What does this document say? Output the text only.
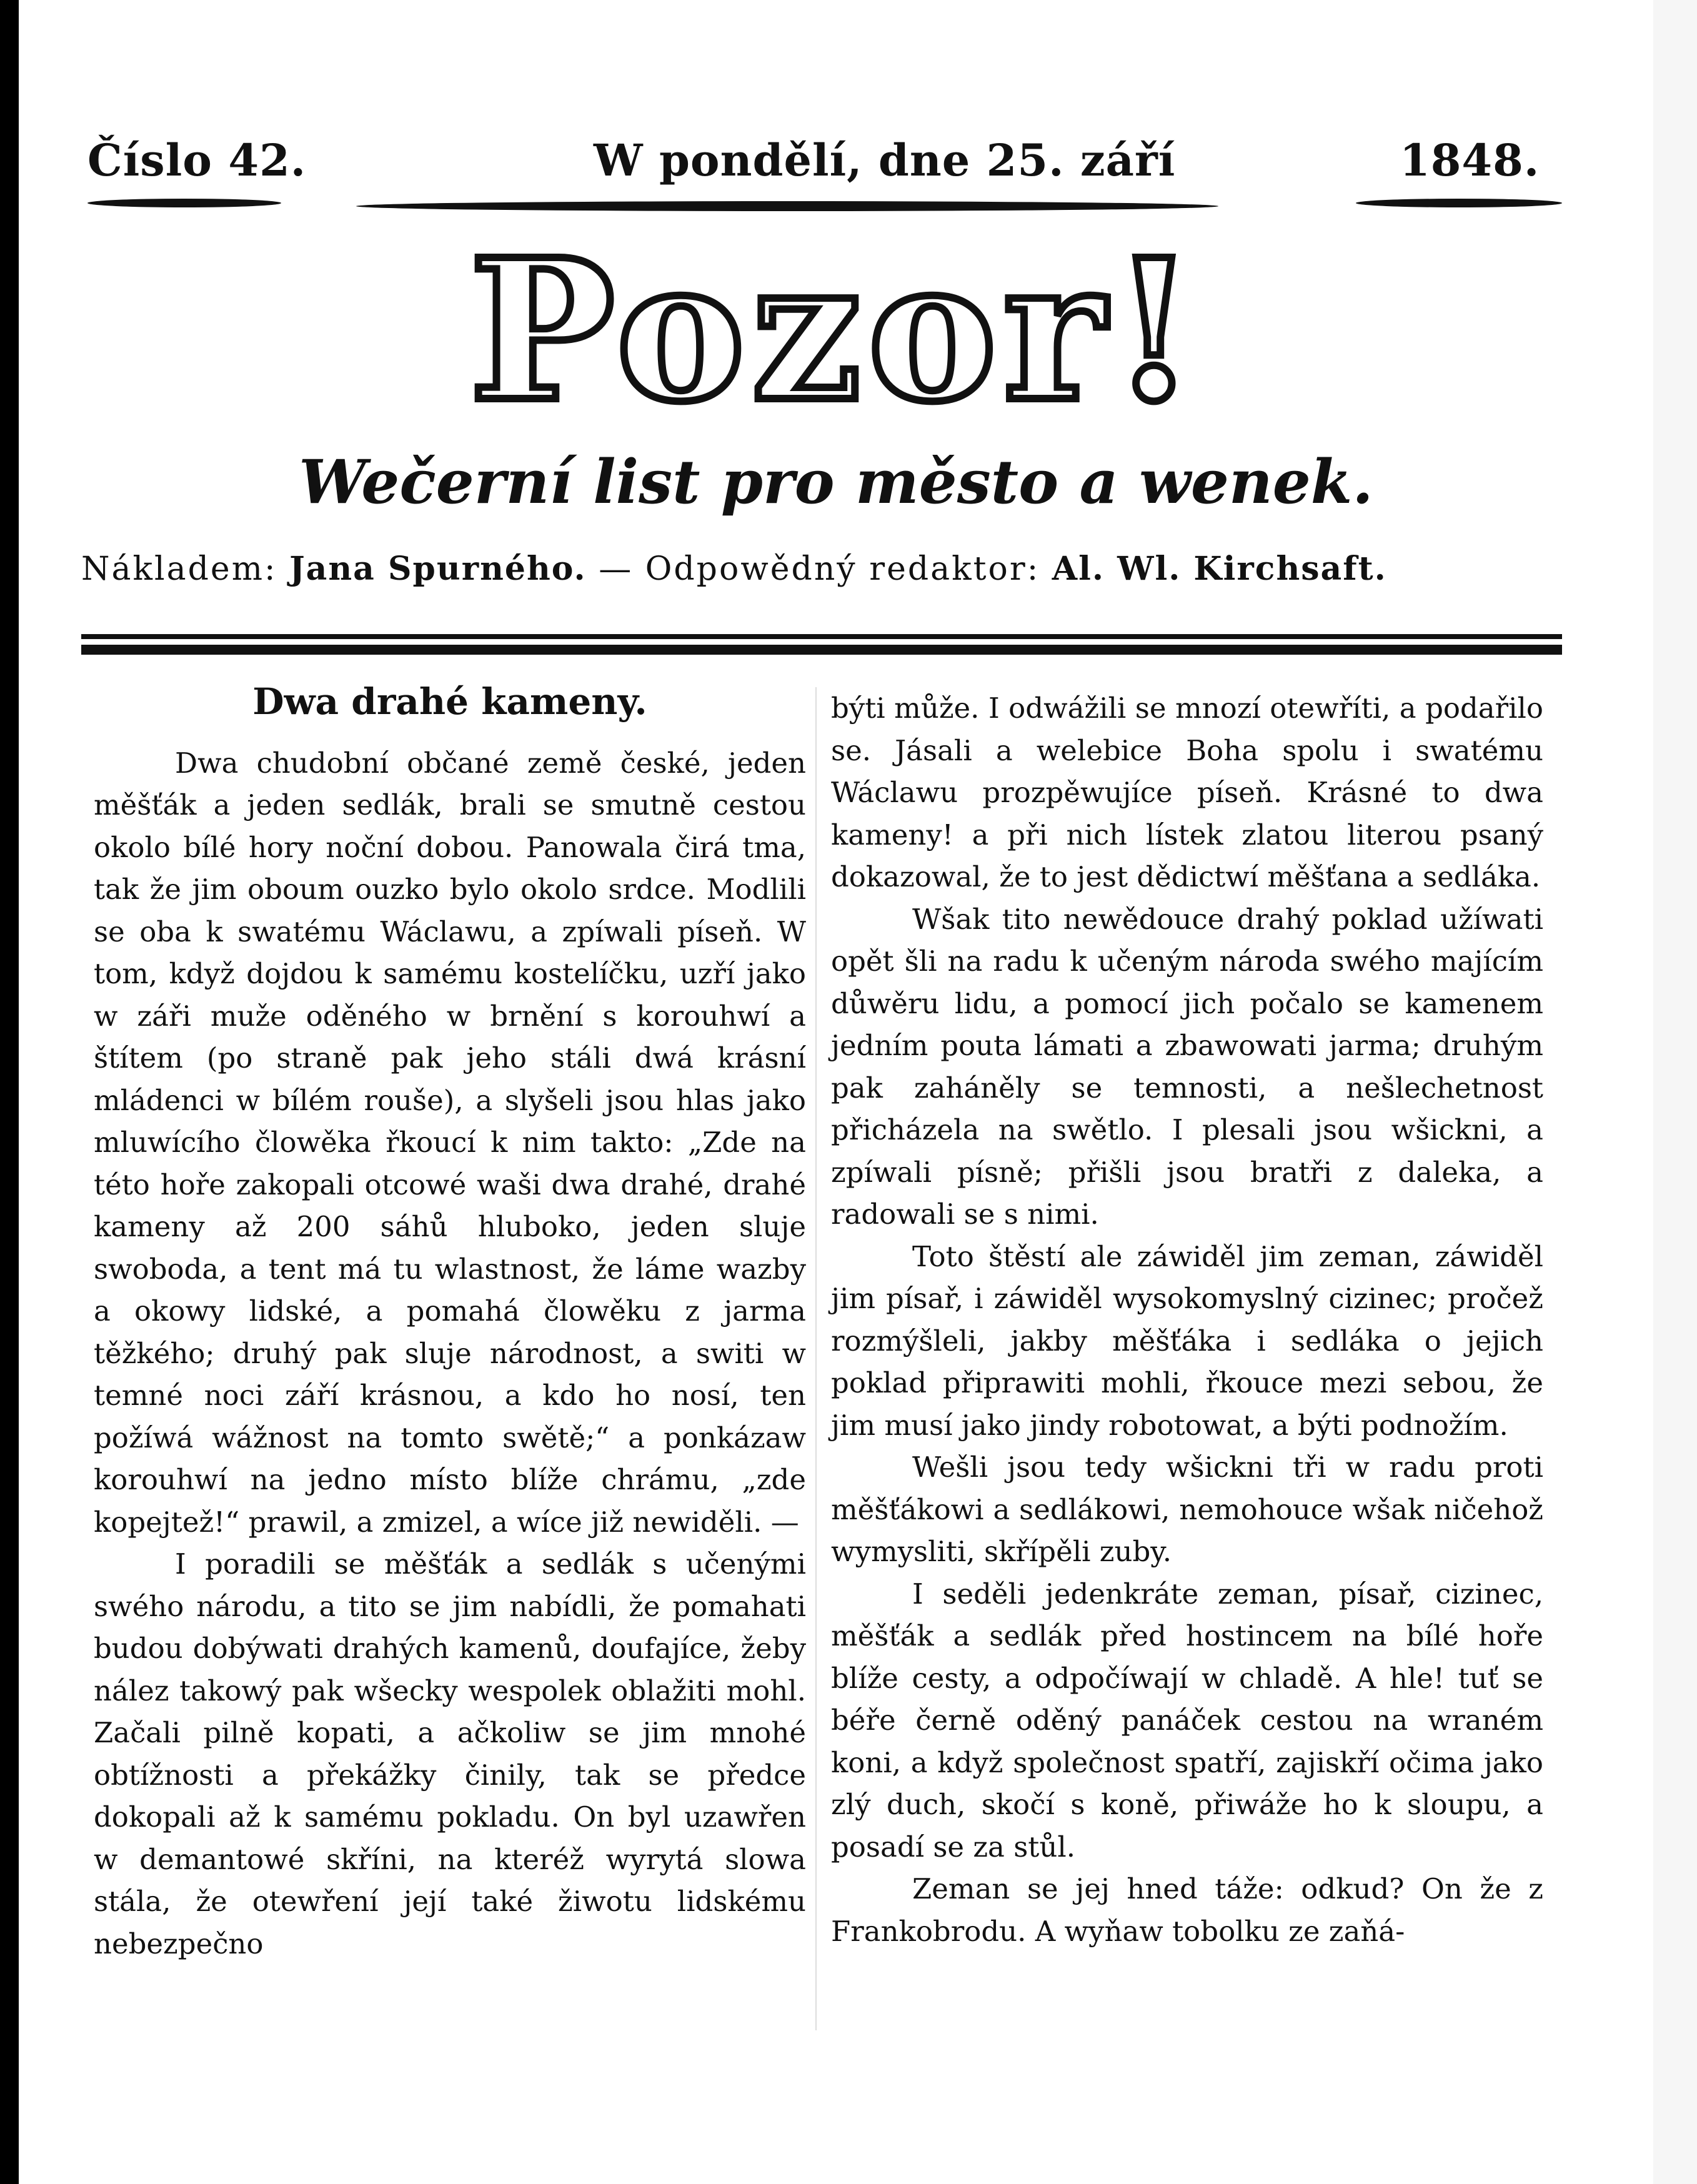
Číslo 42.	W pondělí, dne 25. září	1848.
Pozor!
Wečerní list pro město a wenek.
Nákladem: Jana Spurného. — Odpowědný redaktor: Al. Wl. Kirchsaft.

Dwa drahé kameny.

Dwa chudobní občané země české, jeden měšťák a jeden sedlák, brali se smutně cestou okolo bílé hory noční dobou. Panowala čirá tma, tak že jim oboum ouzko bylo okolo srdce. Modlili se oba k swatému Wáclawu, a zpíwali píseň. W tom, když dojdou k samému kostelíčku, uzří jako w záři muže oděného w brnění s korouhwí a štítem (po straně pak jeho stáli dwá krásní mládenci w bílém rouše), a slyšeli jsou hlas jako mluwícího člowěka řkoucí k nim takto: „Zde na této hoře zakopali otcowé waši dwa drahé, drahé kameny až 200 sáhů hluboko, jeden sluje swoboda, a tent má tu wlastnost, že láme wazby a okowy lidské, a pomahá člowěku z jarma těžkého; druhý pak sluje národnost, a switi w temné noci září krásnou, a kdo ho nosí, ten požíwá wážnost na tomto swětě;“ a ponkázaw korouhwí na jedno místo blíže chrámu, „zde kopejtež!“ prawil, a zmizel, a wíce již newiděli. —

I poradili se měšťák a sedlák s učenými swého národu, a tito se jim nabídli, že pomahati budou dobýwati drahých kamenů, doufajíce, žeby nález takowý pak wšecky wespolek oblažiti mohl. Začali pilně kopati, a ačkoliw se jim mnohé obtížnosti a překážky činily, tak se předce dokopali až k samému pokladu. On byl uzawřen w demantowé skříni, na kteréž wyrytá slowa stála, že otewření její také žiwotu lidskému nebezpečno

býti může. I odwážili se mnozí otewříti, a podařilo se. Jásali a welebice Boha spolu i swatému Wáclawu prozpěwujíce píseň. Krásné to dwa kameny! a při nich lístek zlatou literou psaný dokazowal, že to jest dědictwí měšťana a sedláka.

Wšak tito newědouce drahý poklad užíwati opět šli na radu k učeným národa swého majícím důwěru lidu, a pomocí jich počalo se kamenem jedním pouta lámati a zbawowati jarma; druhým pak zaháněly se temnosti, a nešlechetnost přicházela na swětlo. I plesali jsou wšickni, a zpíwali písně; přišli jsou bratři z daleka, a radowali se s nimi.

Toto štěstí ale záwiděl jim zeman, záwiděl jim písař, i záwiděl wysokomyslný cizinec; pročež rozmýšleli, jakby měšťáka i sedláka o jejich poklad připrawiti mohli, řkouce mezi sebou, že jim musí jako jindy robotowat, a býti podnožím.

Wešli jsou tedy wšickni tři w radu proti měšťákowi a sedlákowi, nemohouce wšak ničehož wymysliti, skřípěli zuby.

I seděli jedenkráte zeman, písař, cizinec, měšťák a sedlák před hostincem na bílé hoře blíže cesty, a odpočíwají w chladě. A hle! tuť se béře černě oděný panáček cestou na wraném koni, a když společnost spatří, zajiskří očima jako zlý duch, skočí s koně, přiwáže ho k sloupu, a posadí se za stůl.

Zeman se jej hned táže: odkud? On že z Frankobrodu. A wyňaw tobolku ze zaňá-
